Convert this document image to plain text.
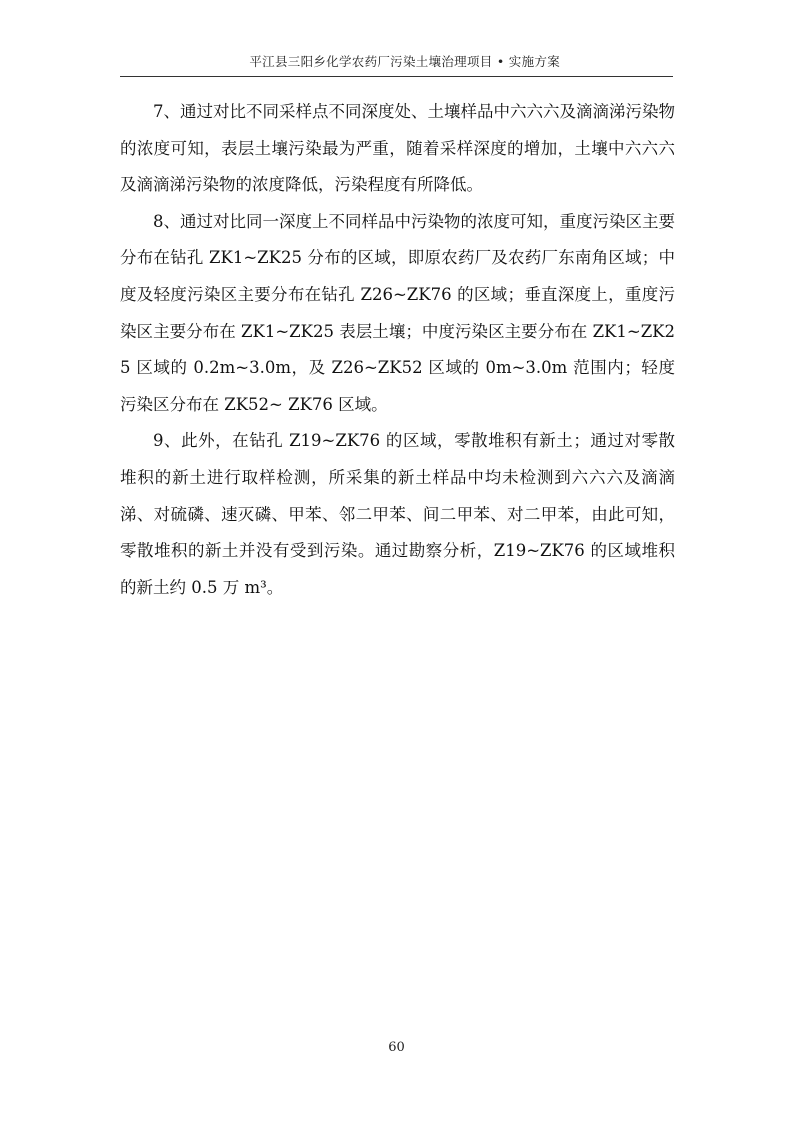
平江县三阳乡化学农药厂污染土壤治理项目 • 实施方案

7、通过对比不同采样点不同深度处、土壤样品中六六六及滴滴涕污染物的浓度可知，表层土壤污染最为严重，随着采样深度的增加，土壤中六六六及滴滴涕污染物的浓度降低，污染程度有所降低。

8、通过对比同一深度上不同样品中污染物的浓度可知，重度污染区主要分布在钻孔 ZK1~ZK25 分布的区域，即原农药厂及农药厂东南角区域；中度及轻度污染区主要分布在钻孔 Z26~ZK76 的区域；垂直深度上，重度污染区主要分布在 ZK1~ZK25 表层土壤；中度污染区主要分布在 ZK1~ZK25 区域的 0.2m~3.0m，及 Z26~ZK52 区域的 0m~3.0m 范围内；轻度污染区分布在 ZK52~ ZK76 区域。

9、此外，在钻孔 Z19~ZK76 的区域，零散堆积有新土；通过对零散堆积的新土进行取样检测，所采集的新土样品中均未检测到六六六及滴滴涕、对硫磷、速灭磷、甲苯、邻二甲苯、间二甲苯、对二甲苯，由此可知，零散堆积的新土并没有受到污染。通过勘察分析，Z19~ZK76 的区域堆积的新土约 0.5 万 m³。

60
